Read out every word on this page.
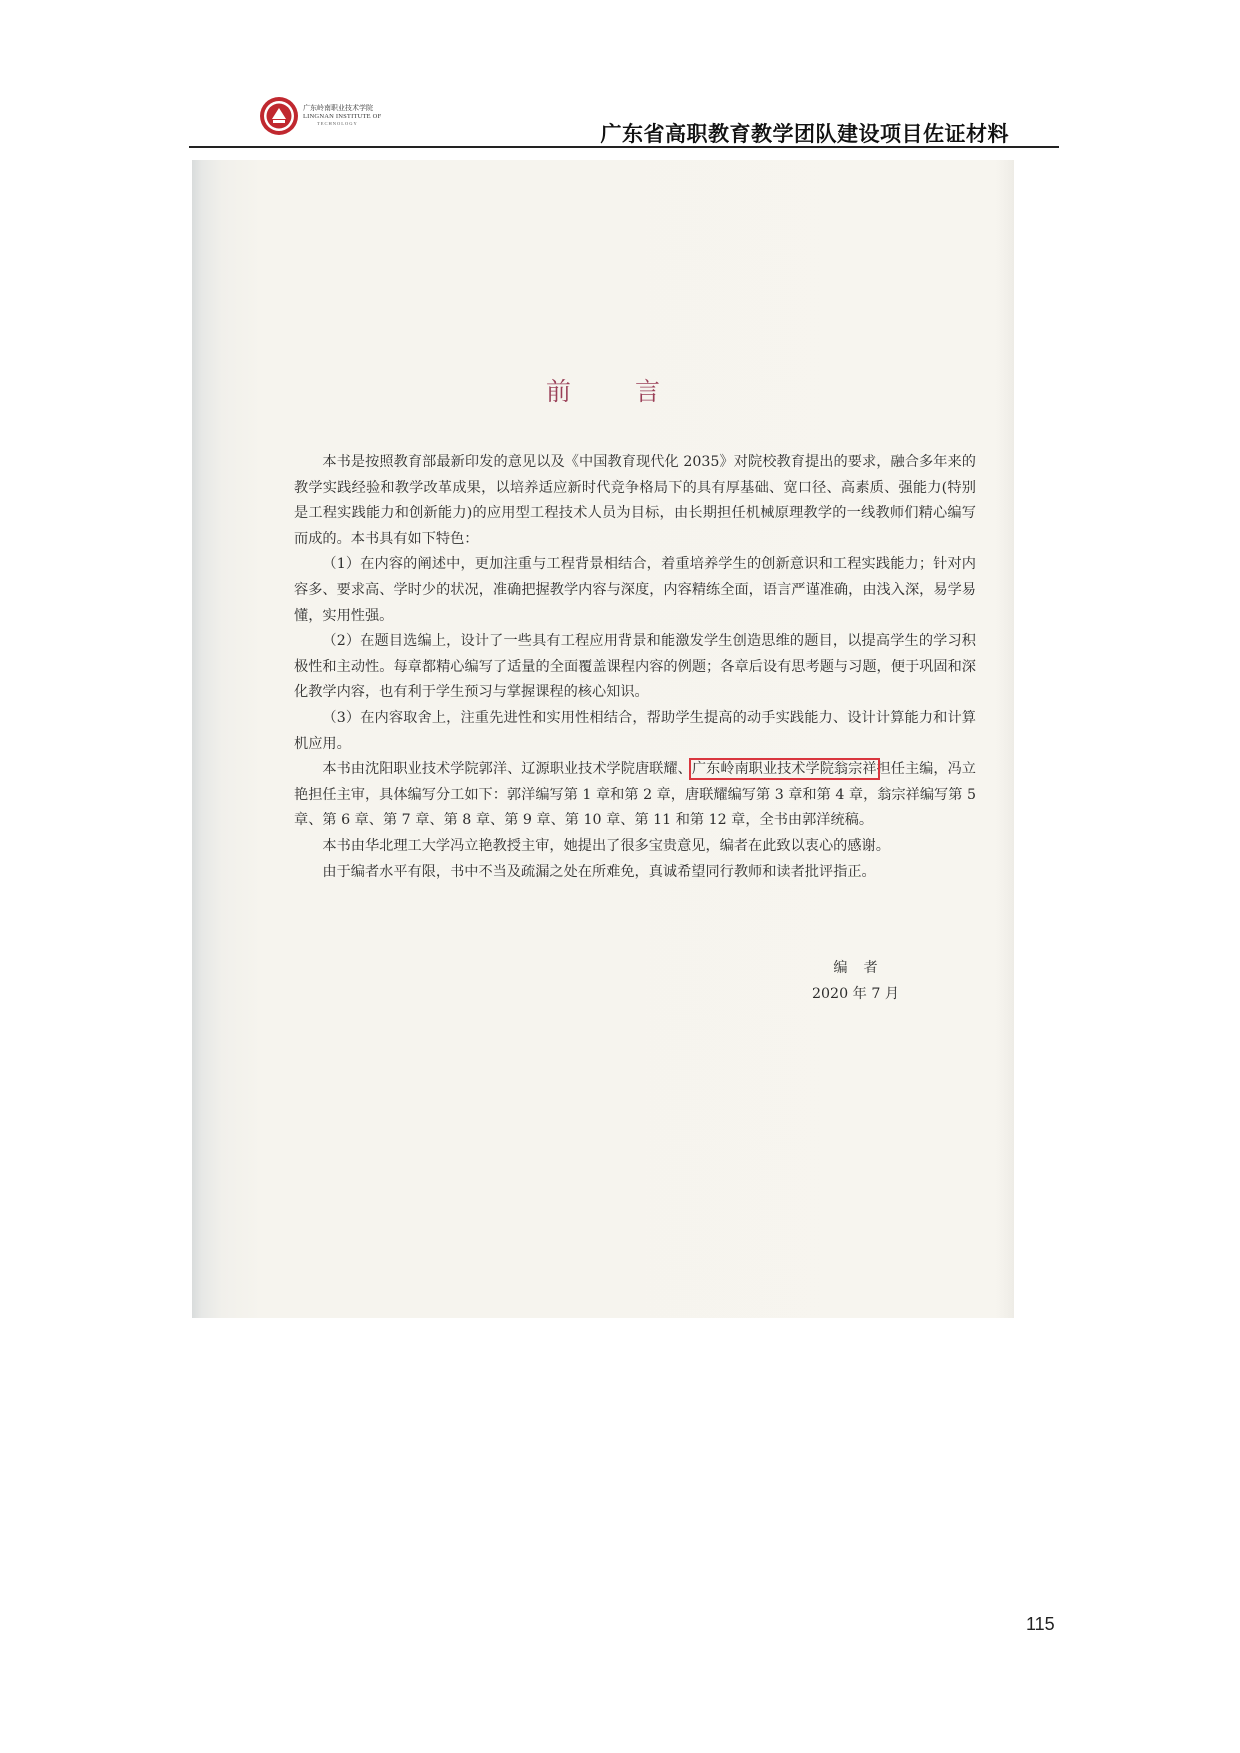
广东岭南职业技术学院
LINGNAN INSTITUTE OF
TECHNOLOGY	广东省高职教育教学团队建设项目佐证材料
前言

本书是按照教育部最新印发的意见以及《中国教育现代化 2035》对院校教育提出的要求，融合多年来的教学实践经验和教学改革成果，以培养适应新时代竞争格局下的具有厚基础、宽口径、高素质、强能力(特别是工程实践能力和创新能力)的应用型工程技术人员为目标，由长期担任机械原理教学的一线教师们精心编写而成的。本书具有如下特色：

（1）在内容的阐述中，更加注重与工程背景相结合，着重培养学生的创新意识和工程实践能力；针对内容多、要求高、学时少的状况，准确把握教学内容与深度，内容精练全面，语言严谨准确，由浅入深，易学易懂，实用性强。

（2）在题目选编上，设计了一些具有工程应用背景和能激发学生创造思维的题目，以提高学生的学习积极性和主动性。每章都精心编写了适量的全面覆盖课程内容的例题；各章后设有思考题与习题，便于巩固和深化教学内容，也有利于学生预习与掌握课程的核心知识。

（3）在内容取舍上，注重先进性和实用性相结合，帮助学生提高的动手实践能力、设计计算能力和计算机应用。

本书由沈阳职业技术学院郭洋、辽源职业技术学院唐联耀、广东岭南职业技术学院翁宗祥担任主编，冯立艳担任主审，具体编写分工如下：郭洋编写第 1 章和第 2 章，唐联耀编写第 3 章和第 4 章，翁宗祥编写第 5 章、第 6 章、第 7 章、第 8 章、第 9 章、第 10 章、第 11 和第 12 章，全书由郭洋统稿。

本书由华北理工大学冯立艳教授主审，她提出了很多宝贵意见，编者在此致以衷心的感谢。

由于编者水平有限，书中不当及疏漏之处在所难免，真诚希望同行教师和读者批评指正。

编者
2020 年 7 月
115
